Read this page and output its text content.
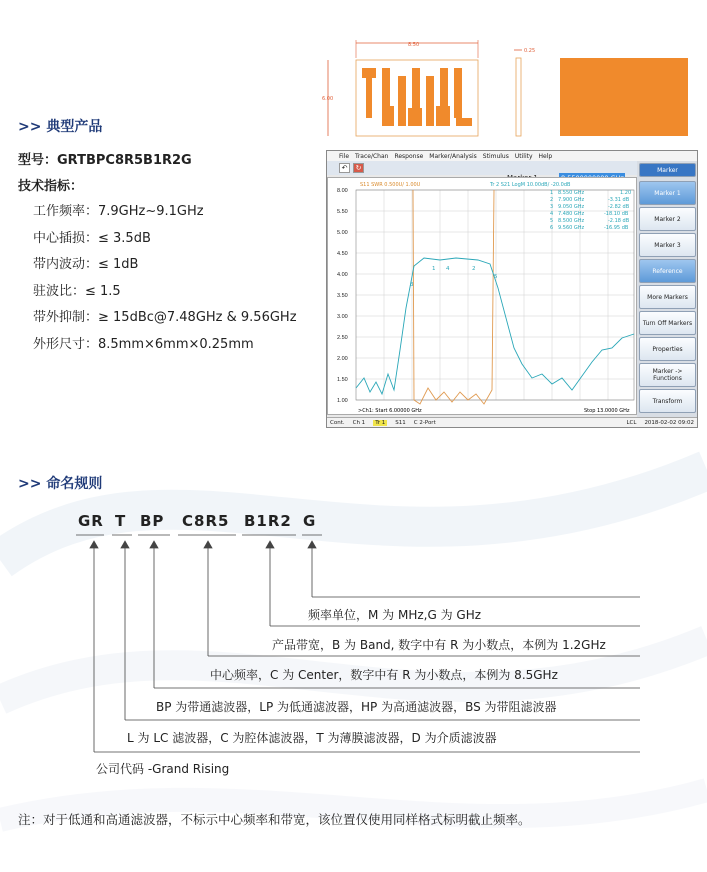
>> 典型产品
型号：GRTBPC8R5B1R2G
技术指标：
工作频率：7.9GHz~9.1GHz
中心插损：≤ 3.5dB
带内波动：≤ 1dB
驻波比：≤ 1.5
带外抑制：≥ 15dBc@7.48GHz & 9.56GHz
外形尺寸：8.5mm×6mm×0.25mm
8.50
6.00
0.25
File Trace/Chan Response Marker/Analysis Stimulus Utility Help
↶	↻
8.00
5.50
5.00
4.50
4.00
3.50
3.00
2.50
2.00
1.50
1.00
S11 SWR 0.500U/ 1.00U	Tr 2 S21 LogM 10.00dB/ -20.0dB
1 8.550 GHz	1.20
2 7.900 GHz	-3.31 dB
3 9.050 GHz	-2.82 dB
4 7.480 GHz	-18.10 dB
5 8.500 GHz	-2.18 dB
6 9.560 GHz	-16.95 dB
3
1 4	2
5
>Ch1: Start 6.00000 GHz	Stop 13.0000 GHz
Marker
Marker 1
Marker 2
Marker 3
Reference
More Markers
Turn Off Markers
Properties
Marker -> Functions
Transform
Cont. Ch 1	Tr 1	S11 C 2-Port	LCL 2018-02-02 09:02
>> 命名规则
GR T BP C8R5 B1R2 G
频率单位，M 为 MHz,G 为 GHz
产品带宽，B 为 Band, 数字中有 R 为小数点，本例为 1.2GHz
中心频率，C 为 Center，数字中有 R 为小数点，本例为 8.5GHz
BP 为带通滤波器，LP 为低通滤波器，HP 为高通滤波器，BS 为带阻滤波器
L 为 LC 滤波器，C 为腔体滤波器，T 为薄膜滤波器，D 为介质滤波器
公司代码 -Grand Rising
注：对于低通和高通滤波器，不标示中心频率和带宽，该位置仅使用同样格式标明截止频率。
